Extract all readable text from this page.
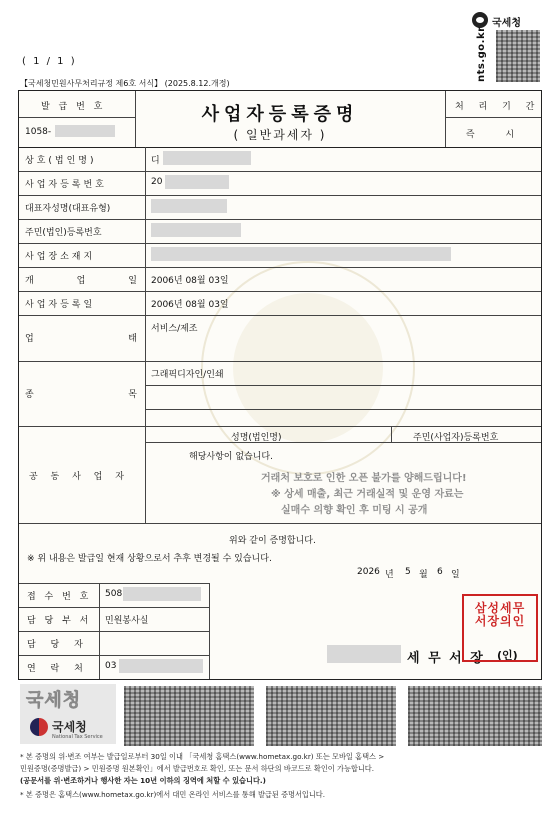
( 1 / 1 )
【국세청민원사무처리규정 제6호 서식】 (2025.8.12.개정)
국세청
nts.go.kr
발 급 번 호
1058-
처 리 기 간
즉 시
상호(법인명)
사업자등록번호
대표자성명(대표유형)
주민(법인)등록번호
사업장소재지
개 업 일
사업자등록일
업 태
종 목
디
20
2006년 08월 03일
2006년 08월 03일
서비스/제조
그래픽디자인/인쇄
공 동 사 업 자
성명(법인명)	주민(사업자)등록번호
해당사항이 없습니다.
거래처 보호로 인한 오픈 불가를 양해드립니다!
※ 상세 매출, 최근 거래실적 및 운영 자료는
실매수 의향 확인 후 미팅 시 공개
위와 같이 증명합니다.
※ 위 내용은 발급일 현재 상황으로서 추후 변경될 수 있습니다.
2026 년 5 월 6 일
접 수 번 호
담 당 부 서
담 당 자
연 락 처
508
민원봉사실
03	세 무 서 장 (인)
삼성세무
서장의인
사업자등록증명
( 일반과세자 )
국세청
국세청
National Tax Service
* 본 증명의 위·변조 여부는 발급일로부터 30일 이내 「국세청 홈택스(www.hometax.go.kr) 또는 모바일 홈택스 >
민원증명(증명발급) > 민원증명 원본확인」에서 발급번호로 확인, 또는 문서 하단의 바코드로 확인이 가능합니다.
(공문서를 위·변조하거나 행사한 자는 10년 이하의 징역에 처할 수 있습니다.)
* 본 증명은 홈택스(www.hometax.go.kr)에서 대민 온라인 서비스를 통해 발급된 증명서입니다.
